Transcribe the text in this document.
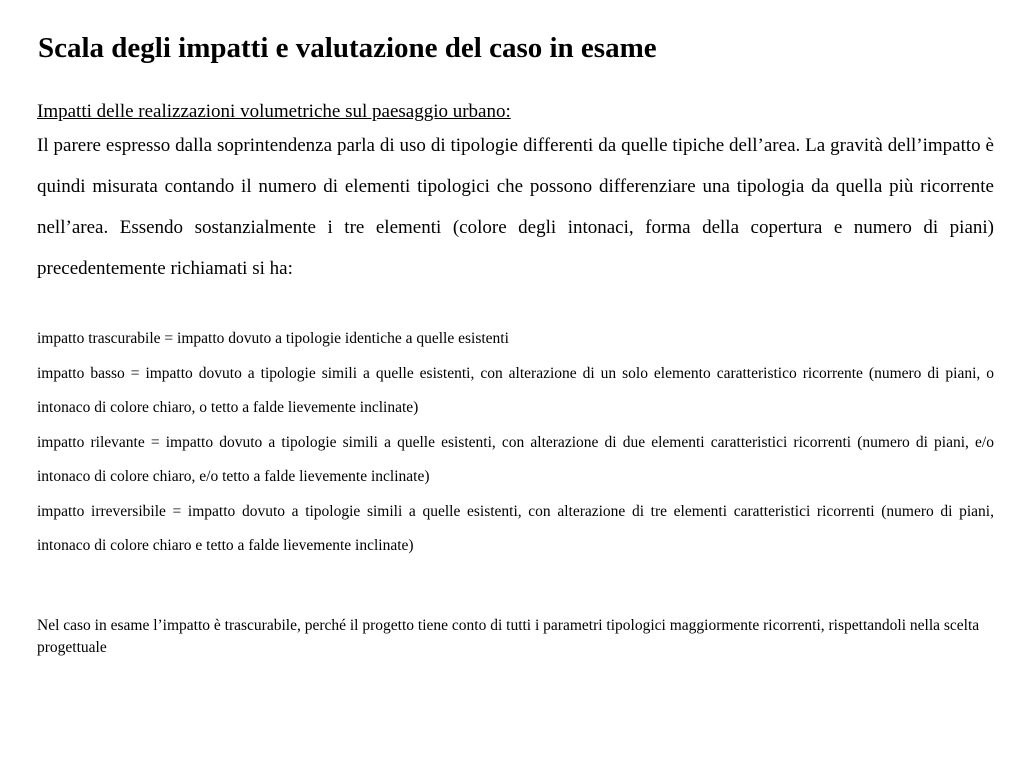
Scala degli impatti e valutazione del caso in esame

Impatti delle realizzazioni volumetriche sul paesaggio urbano:

Il parere espresso dalla soprintendenza parla di uso di tipologie differenti da quelle tipiche dell’area. La gravità dell’impatto è quindi misurata contando il numero di elementi tipologici che possono differenziare una tipologia da quella più ricorrente nell’area. Essendo sostanzialmente i tre elementi (colore degli intonaci, forma della copertura e numero di piani) precedentemente richiamati si ha:

impatto trascurabile = impatto dovuto a tipologie identiche a quelle esistenti

impatto basso = impatto dovuto a tipologie simili a quelle esistenti, con alterazione di un solo elemento caratteristico ricorrente (numero di piani, o intonaco di colore chiaro, o tetto a falde lievemente inclinate)

impatto rilevante = impatto dovuto a tipologie simili a quelle esistenti, con alterazione di due elementi caratteristici ricorrenti (numero di piani, e/o intonaco di colore chiaro, e/o tetto a falde lievemente inclinate)

impatto irreversibile = impatto dovuto a tipologie simili a quelle esistenti, con alterazione di tre elementi caratteristici ricorrenti (numero di piani, intonaco di colore chiaro e tetto a falde lievemente inclinate)

Nel caso in esame l’impatto è trascurabile, perché il progetto tiene conto di tutti i parametri tipologici maggiormente ricorrenti, rispettandoli nella scelta progettuale
